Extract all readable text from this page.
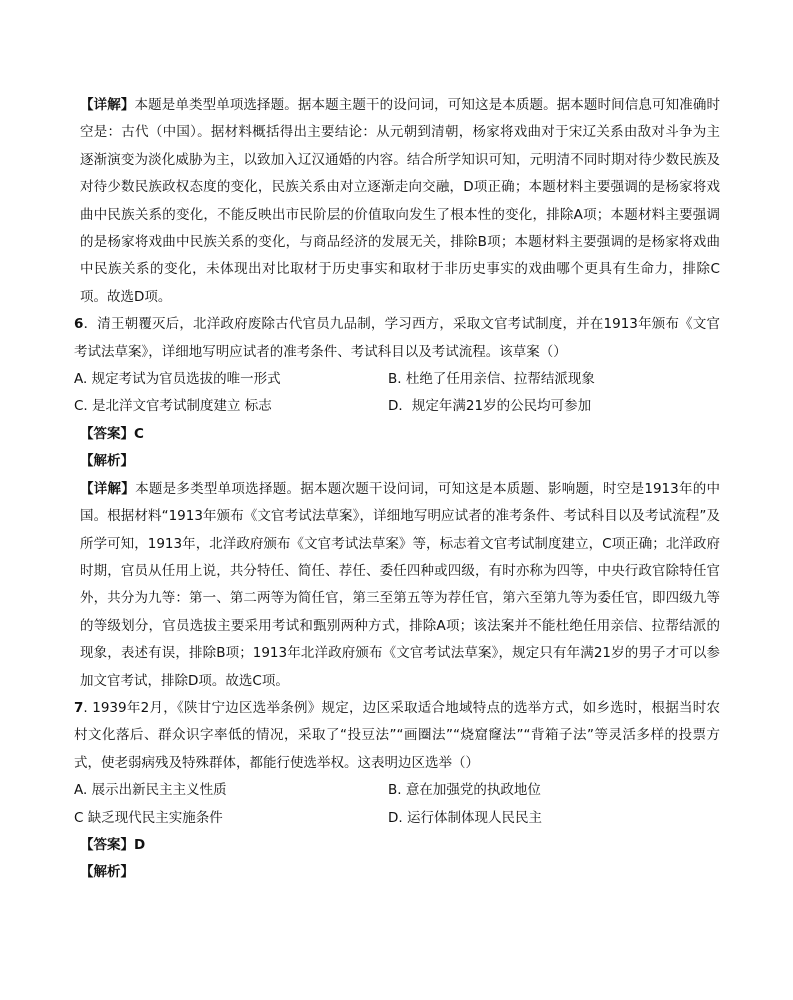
【详解】本题是单类型单项选择题。据本题主题干的设问词，可知这是本质题。据本题时间信息可知准确时空是：古代（中国）。据材料概括得出主要结论：从元朝到清朝，杨家将戏曲对于宋辽关系由敌对斗争为主逐渐演变为淡化威胁为主，以致加入辽汉通婚的内容。结合所学知识可知，元明清不同时期对待少数民族及对待少数民族政权态度的变化，民族关系由对立逐渐走向交融，D项正确；本题材料主要强调的是杨家将戏曲中民族关系的变化，不能反映出市民阶层的价值取向发生了根本性的变化，排除A项；本题材料主要强调的是杨家将戏曲中民族关系的变化，与商品经济的发展无关，排除B项；本题材料主要强调的是杨家将戏曲中民族关系的变化，未体现出对比取材于历史事实和取材于非历史事实的戏曲哪个更具有生命力，排除C项。故选D项。

6．清王朝覆灭后，北洋政府废除古代官员九品制，学习西方，采取文官考试制度，并在1913年颁布《文官考试法草案》，详细地写明应试者的准考条件、考试科目以及考试流程。该草案（）

A. 规定考试为官员选拔的唯一形式	B. 杜绝了任用亲信、拉帮结派现象
C. 是北洋文官考试制度建立 标志	D．规定年满21岁的公民均可参加

【答案】C

【解析】

【详解】本题是多类型单项选择题。据本题次题干设问词，可知这是本质题、影响题，时空是1913年的中国。根据材料“1913年颁布《文官考试法草案》，详细地写明应试者的准考条件、考试科目以及考试流程”及所学可知，1913年，北洋政府颁布《文官考试法草案》等，标志着文官考试制度建立，C项正确；北洋政府时期，官员从任用上说，共分特任、简任、荐任、委任四种或四级，有时亦称为四等，中央行政官除特任官外，共分为九等：第一、第二两等为简任官，第三至第五等为荐任官，第六至第九等为委任官，即四级九等的等级划分，官员选拔主要采用考试和甄别两种方式，排除A项；该法案并不能杜绝任用亲信、拉帮结派的现象，表述有误，排除B项；1913年北洋政府颁布《文官考试法草案》，规定只有年满21岁的男子才可以参加文官考试，排除D项。故选C项。

7. 1939年2月，《陕甘宁边区选举条例》规定，边区采取适合地域特点的选举方式，如乡选时，根据当时农村文化落后、群众识字率低的情况，采取了“投豆法”“画圈法”“烧窟窿法”“背箱子法”等灵活多样的投票方式，使老弱病残及特殊群体，都能行使选举权。这表明边区选举（）

A. 展示出新民主主义性质	B. 意在加强党的执政地位
C 缺乏现代民主实施条件	D. 运行体制体现人民民主

【答案】D

【解析】
